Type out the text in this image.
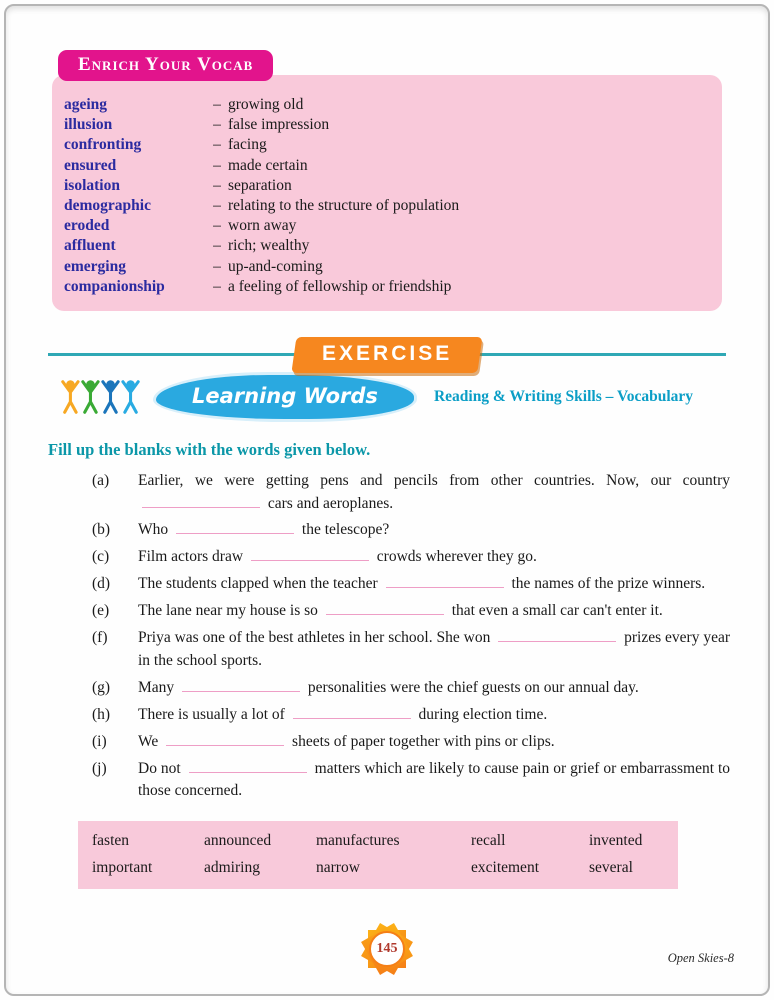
Enrich Your Vocab
ageing	– growing old
illusion	– false impression
confronting	– facing
ensured	– made certain
isolation	– separation
demographic	– relating to the structure of population
eroded	– worn away
affluent	– rich; wealthy
emerging	– up-and-coming
companionship	– a feeling of fellowship or friendship
EXERCISE
Learning Words	Reading & Writing Skills – Vocabulary
Fill up the blanks with the words given below.
(a)	Earlier, we were getting pens and pencils from other countries. Now, our country  cars and aeroplanes.
(b)	Who	the telescope?
(c)	Film actors draw	crowds wherever they go.
(d)	The students clapped when the teacher	the names of the prize winners.
(e)	The lane near my house is so	that even a small car can't enter it.
(f)	Priya was one of the best athletes in her school. She won	prizes every year in the school sports.
(g)	Many	personalities were the chief guests on our annual day.
(h)	There is usually a lot of	during election time.
(i)	We	sheets of paper together with pins or clips.
(j)	Do not	matters which are likely to cause pain or grief or embarrassment to those concerned.
fasten	announced	manufactures	recall	invented
important	admiring	narrow	excitement	several
145
Open Skies-8
